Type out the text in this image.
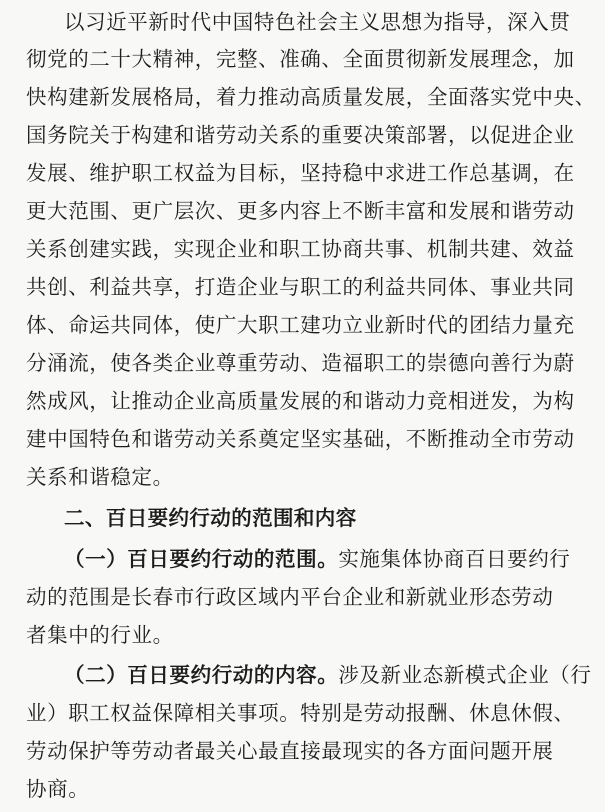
以习近平新时代中国特色社会主义思想为指导，深入贯
彻党的二十大精神，完整、准确、全面贯彻新发展理念，加
快构建新发展格局，着力推动高质量发展，全面落实党中央、
国务院关于构建和谐劳动关系的重要决策部署，以促进企业
发展、维护职工权益为目标，坚持稳中求进工作总基调，在
更大范围、更广层次、更多内容上不断丰富和发展和谐劳动
关系创建实践，实现企业和职工协商共事、机制共建、效益
共创、利益共享，打造企业与职工的利益共同体、事业共同
体、命运共同体，使广大职工建功立业新时代的团结力量充
分涌流，使各类企业尊重劳动、造福职工的崇德向善行为蔚
然成风，让推动企业高质量发展的和谐动力竞相迸发，为构
建中国特色和谐劳动关系奠定坚实基础，不断推动全市劳动
关系和谐稳定。
二、百日要约行动的范围和内容
（一）百日要约行动的范围。实施集体协商百日要约行
动的范围是长春市行政区域内平台企业和新就业形态劳动
者集中的行业。
（二）百日要约行动的内容。涉及新业态新模式企业（行
业）职工权益保障相关事项。特别是劳动报酬、休息休假、
劳动保护等劳动者最关心最直接最现实的各方面问题开展
协商。
